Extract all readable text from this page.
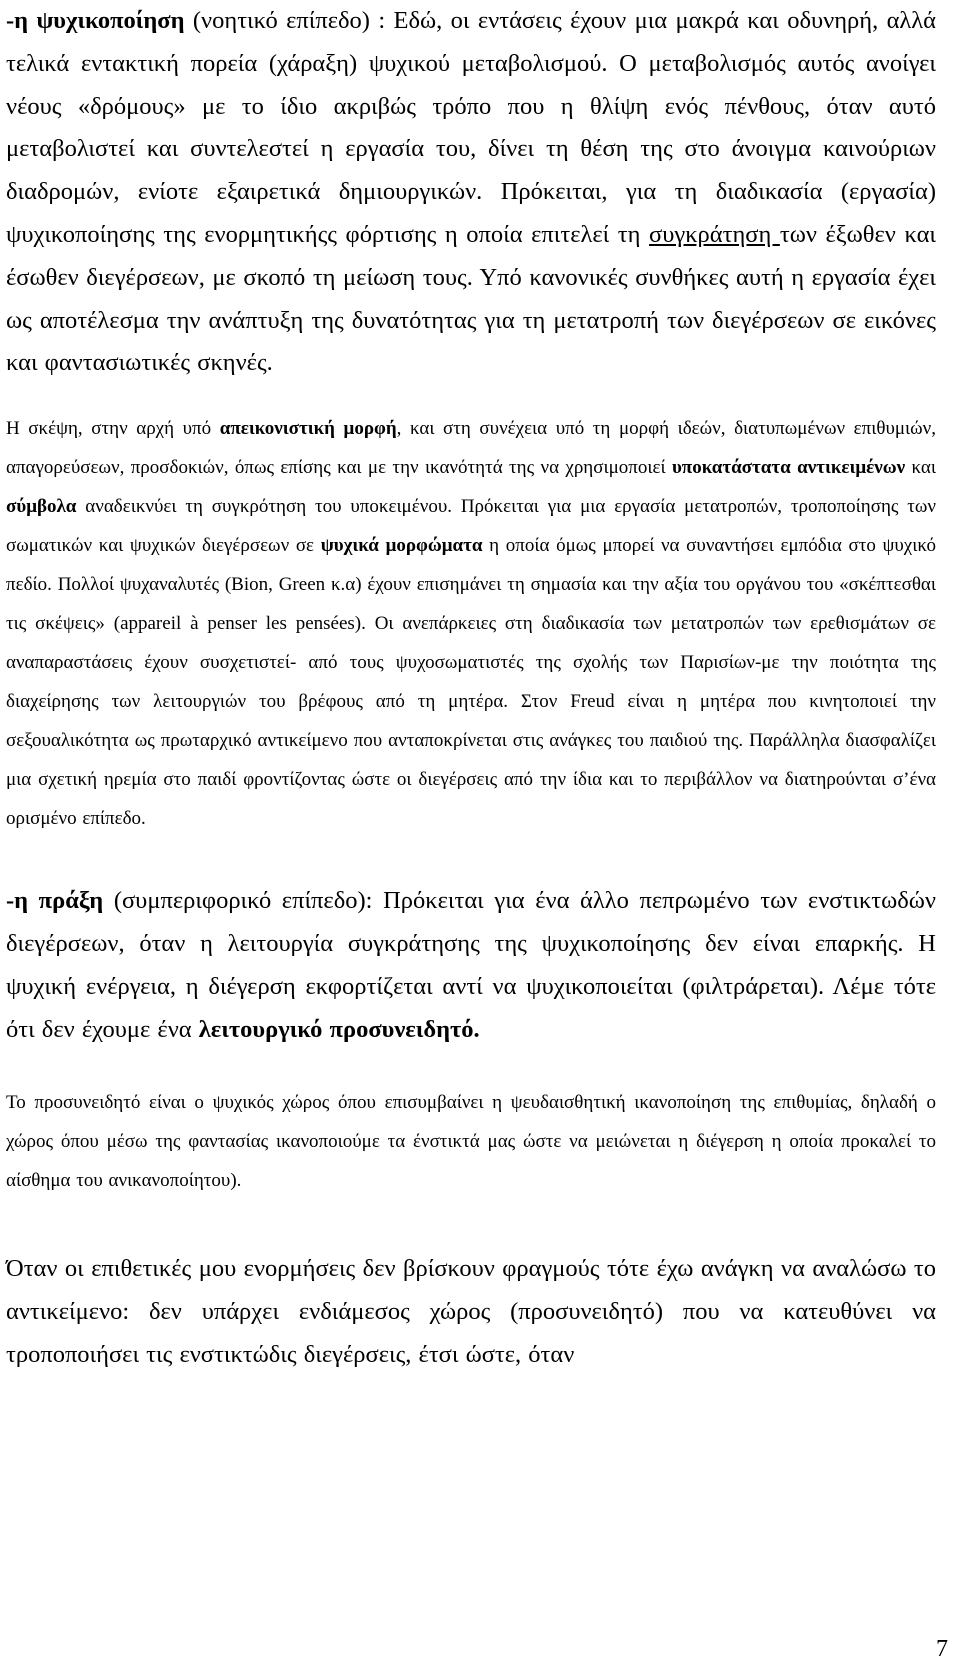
-η ψυχικοποίηση (νοητικό επίπεδο) : Εδώ, οι εντάσεις έχουν μια μακρά και οδυνηρή, αλλά τελικά εντακτική πορεία (χάραξη) ψυχικού μεταβολισμού. Ο μεταβολισμός αυτός ανοίγει νέους «δρόμους» με το ίδιο ακριβώς τρόπο που η θλίψη ενός πένθους, όταν αυτό μεταβολιστεί και συντελεστεί η εργασία του, δίνει τη θέση της στο άνοιγμα καινούριων διαδρομών, ενίοτε εξαιρετικά δημιουργικών. Πρόκειται, για τη διαδικασία (εργασία) ψυχικοποίησης της ενορμητικήςς φόρτισης η οποία επιτελεί τη συγκράτηση των έξωθεν και έσωθεν διεγέρσεων, με σκοπό τη μείωση τους. Υπό κανονικές συνθήκες αυτή η εργασία έχει ως αποτέλεσμα την ανάπτυξη της δυνατότητας για τη μετατροπή των διεγέρσεων σε εικόνες και φαντασιωτικές σκηνές.

Η σκέψη, στην αρχή υπό απεικονιστική μορφή, και στη συνέχεια υπό τη μορφή ιδεών, διατυπωμένων επιθυμιών, απαγορεύσεων, προσδοκιών, όπως επίσης και με την ικανότητά της να χρησιμοποιεί υποκατάστατα αντικειμένων και σύμβολα αναδεικνύει τη συγκρότηση του υποκειμένου. Πρόκειται για μια εργασία μετατροπών, τροποποίησης των σωματικών και ψυχικών διεγέρσεων σε ψυχικά μορφώματα η οποία όμως μπορεί να συναντήσει εμπόδια στο ψυχικό πεδίο. Πολλοί ψυχαναλυτές (Bion, Green κ.α) έχουν επισημάνει τη σημασία και την αξία του οργάνου του «σκέπτεσθαι τις σκέψεις» (appareil à penser les pensées). Οι ανεπάρκειες στη διαδικασία των μετατροπών των ερεθισμάτων σε αναπαραστάσεις έχουν συσχετιστεί- από τους ψυχοσωματιστές της σχολής των Παρισίων-με την ποιότητα της διαχείρησης των λειτουργιών του βρέφους από τη μητέρα. Στον Freud είναι η μητέρα που κινητοποιεί την σεξουαλικότητα ως πρωταρχικό αντικείμενο που ανταποκρίνεται στις ανάγκες του παιδιού της. Παράλληλα διασφαλίζει μια σχετική ηρεμία στο παιδί φροντίζοντας ώστε οι διεγέρσεις από την ίδια και το περιβάλλον να διατηρούνται σ’ένα ορισμένο επίπεδο.

-η πράξη (συμπεριφορικό επίπεδο): Πρόκειται για ένα άλλο πεπρωμένο των ενστικτωδών διεγέρσεων, όταν η λειτουργία συγκράτησης της ψυχικοποίησης δεν είναι επαρκής. Η ψυχική ενέργεια, η διέγερση εκφορτίζεται αντί να ψυχικοποιείται (φιλτράρεται). Λέμε τότε ότι δεν έχουμε ένα λειτουργικό προσυνειδητό.

Το προσυνειδητό είναι ο ψυχικός χώρος όπου επισυμβαίνει η ψευδαισθητική ικανοποίηση της επιθυμίας, δηλαδή ο χώρος όπου μέσω της φαντασίας ικανοποιούμε τα ένστικτά μας ώστε να μειώνεται η διέγερση η οποία προκαλεί το αίσθημα του ανικανοποίητου).

Όταν οι επιθετικές μου ενορμήσεις δεν βρίσκουν φραγμούς τότε έχω ανάγκη να αναλώσω το αντικείμενο: δεν υπάρχει ενδιάμεσος χώρος (προσυνειδητό) που να κατευθύνει να τροποποιήσει τις ενστικτώδις διεγέρσεις, έτσι ώστε, όταν

7
